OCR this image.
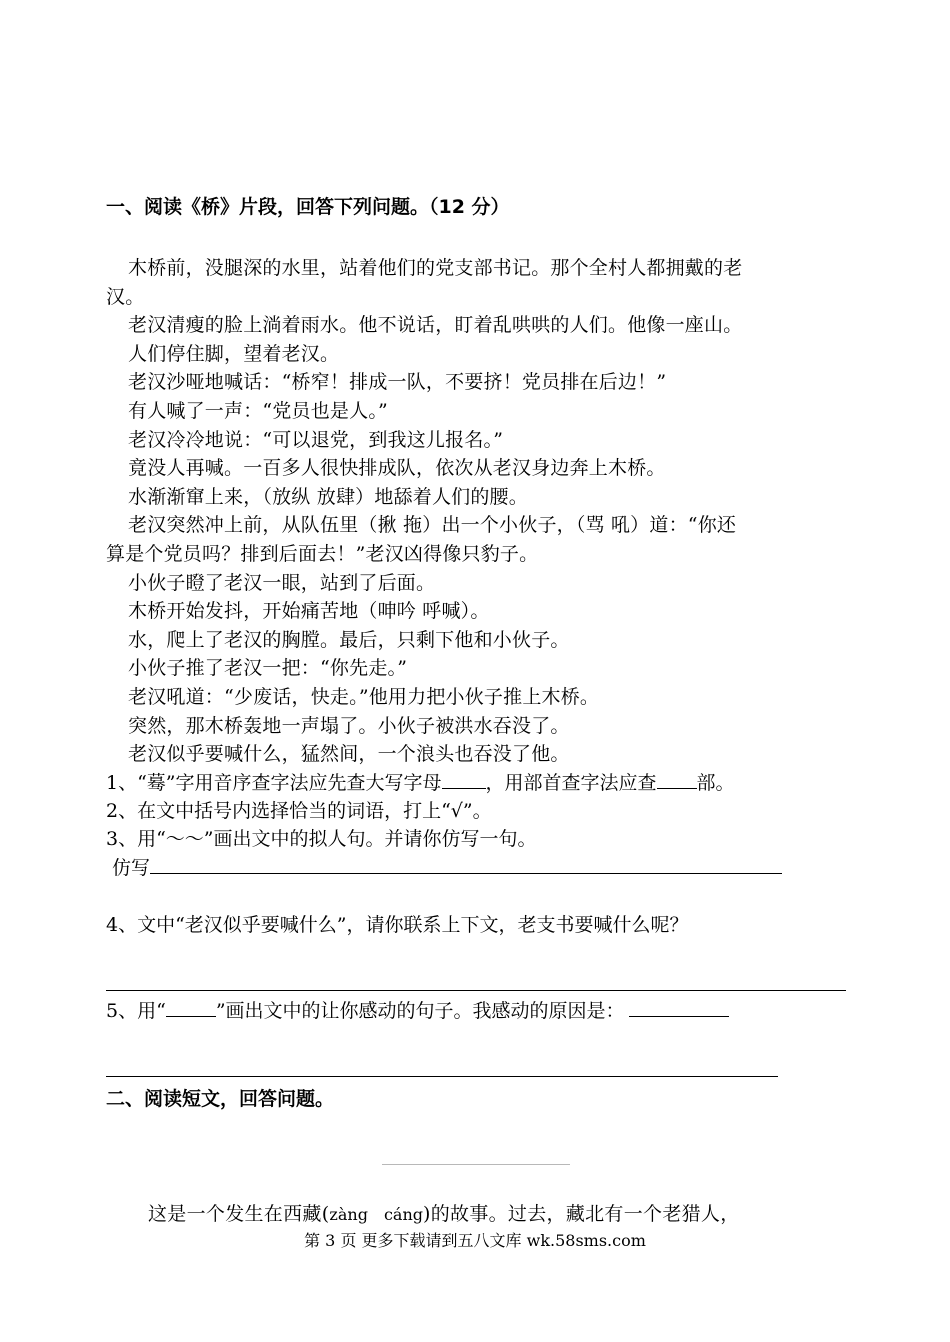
一、阅读《桥》片段，回答下列问题。（12 分）
木桥前，没腿深的水里，站着他们的党支部书记。那个全村人都拥戴的老
汉。
老汉清瘦的脸上淌着雨水。他不说话，盯着乱哄哄的人们。他像一座山。
人们停住脚，望着老汉。
老汉沙哑地喊话：“桥窄！排成一队，不要挤！党员排在后边！”
有人喊了一声：“党员也是人。”
老汉冷冷地说：“可以退党，到我这儿报名。”
竟没人再喊。一百多人很快排成队，依次从老汉身边奔上木桥。
水渐渐窜上来，（放纵 放肆）地舔着人们的腰。
老汉突然冲上前，从队伍里（揪 拖）出一个小伙子，（骂 吼）道：“你还
算是个党员吗？排到后面去！”老汉凶得像只豹子。
小伙子瞪了老汉一眼，站到了后面。
木桥开始发抖，开始痛苦地（呻吟 呼喊）。
水，爬上了老汉的胸膛。最后，只剩下他和小伙子。
小伙子推了老汉一把：“你先走。”
老汉吼道：“少废话，快走。”他用力把小伙子推上木桥。
突然，那木桥轰地一声塌了。小伙子被洪水吞没了。
老汉似乎要喊什么，猛然间，一个浪头也吞没了他。
1、“蓦”字用音序查字法应先查大写字母 ，用部首查字法应查 部。
2、在文中括号内选择恰当的词语，打上“√”。
3、用“～～”画出文中的拟人句。并请你仿写一句。
仿写
4、文中“老汉似乎要喊什么”，请你联系上下文，老支书要喊什么呢？
5、用“	”画出文中的让你感动的句子。我感动的原因是：
二、阅读短文，回答问题。
这是一个发生在西藏(zàng　cáng)的故事。过去，藏北有一个老猎人，
第 3 页 更多下载请到五八文库 wk.58sms.com
